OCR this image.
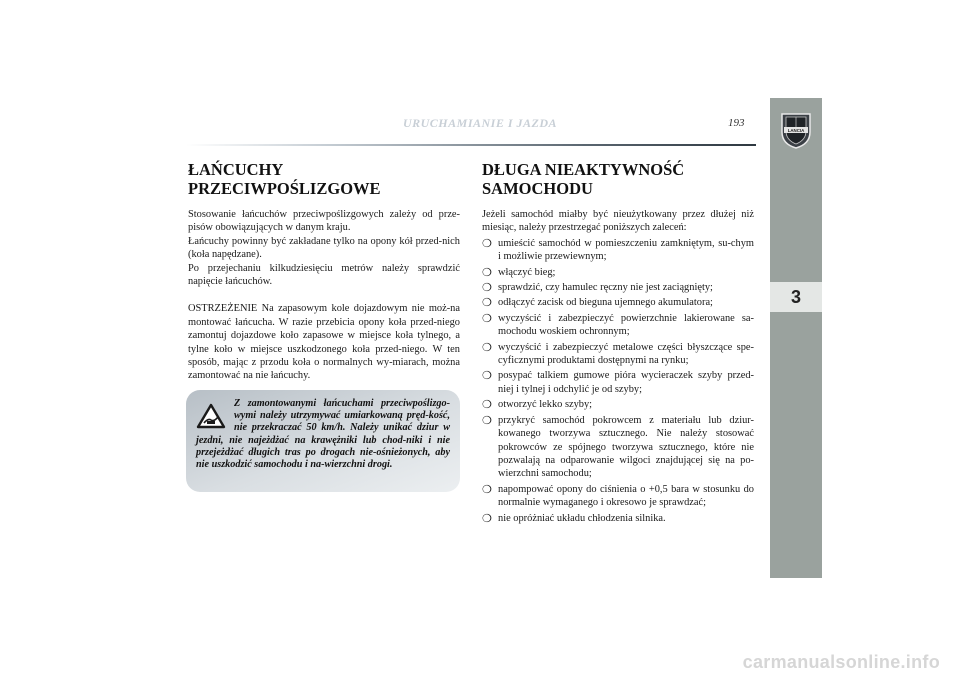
URUCHAMIANIE I JAZDA	193
LANCIA
3
ŁAŃCUCHY
PRZECIWPOŚLIZGOWE

Stosowanie łańcuchów przeciwpoślizgowych zależy od prze-pisów obowiązujących w danym kraju.

Łańcuchy powinny być zakładane tylko na opony kół przed-nich (koła napędzane).

Po przejechaniu kilkudziesięciu metrów należy sprawdzić napięcie łańcuchów.

OSTRZEŻENIE Na zapasowym kole dojazdowym nie moż-na montować łańcucha. W razie przebicia opony koła przed-niego zamontuj dojazdowe koło zapasowe w miejsce koła tylnego, a tylne koło w miejsce uszkodzonego koła przed-niego. W ten sposób, mając z przodu koła o normalnych wy-miarach, można zamontować na nie łańcuchy.

Z zamontowanymi łańcuchami przeciwpoślizgo-wymi należy utrzymywać umiarkowaną pręd-kość, nie przekraczać 50 km/h. Należy unikać dziur w jezdni, nie najeżdżać na krawężniki lub chod-niki i nie przejeżdżać długich tras po drogach nie-ośnieżonych, aby nie uszkodzić samochodu i na-wierzchni drogi.
DŁUGA NIEAKTYWNOŚĆ
SAMOCHODU

Jeżeli samochód miałby być nieużytkowany przez dłużej niż miesiąc, należy przestrzegać poniższych zaleceń:

❍ umieścić samochód w pomieszczeniu zamkniętym, su-chym i możliwie przewiewnym;
❍ włączyć bieg;
❍ sprawdzić, czy hamulec ręczny nie jest zaciągnięty;
❍ odłączyć zacisk od bieguna ujemnego akumulatora;
❍ wyczyścić i zabezpieczyć powierzchnie lakierowane sa-mochodu woskiem ochronnym;
❍ wyczyścić i zabezpieczyć metalowe części błyszczące spe-cyficznymi produktami dostępnymi na rynku;
❍ posypać talkiem gumowe pióra wycieraczek szyby przed-niej i tylnej i odchylić je od szyby;
❍ otworzyć lekko szyby;
❍ przykryć samochód pokrowcem z materiału lub dziur-kowanego tworzywa sztucznego. Nie należy stosować pokrowców ze spójnego tworzywa sztucznego, które nie pozwalają na odparowanie wilgoci znajdującej się na po-wierzchni samochodu;
❍ napompować opony do ciśnienia o +0,5 bara w stosunku do normalnie wymaganego i okresowo je sprawdzać;
❍ nie opróżniać układu chłodzenia silnika.
carmanualsonline.info
